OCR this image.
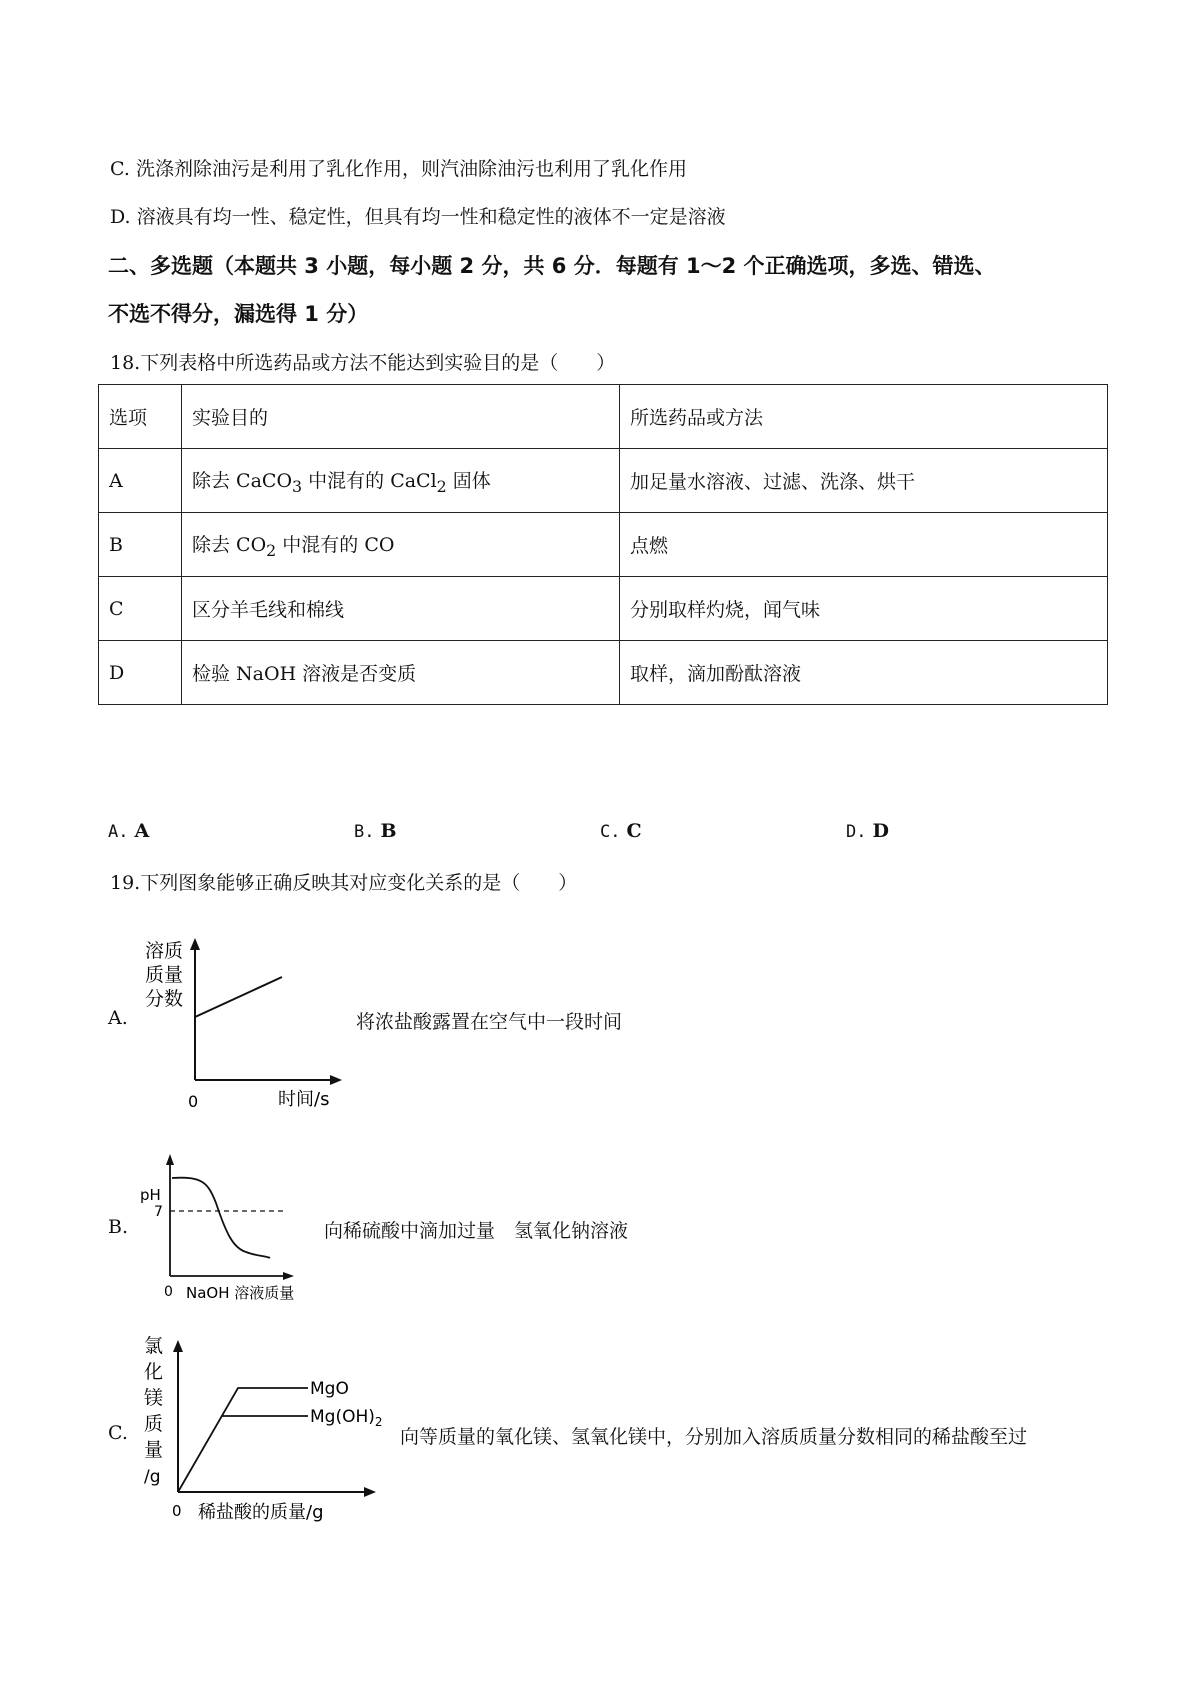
C. 洗涤剂除油污是利用了乳化作用，则汽油除油污也利用了乳化作用
D. 溶液具有均一性、稳定性，但具有均一性和稳定性的液体不一定是溶液
二、多选题（本题共 3 小题，每小题 2 分，共 6 分．每题有 1～2 个正确选项，多选、错选、
不选不得分，漏选得 1 分）
18.下列表格中所选药品或方法不能达到实验目的是（　　）
选项	实验目的	所选药品或方法
A	除去 CaCO$_3$ 中混有的 CaCl$_2$ 固体	加足量水溶液、过滤、洗涤、烘干
B	除去 $CO_2$ 中混有的 CO	点燃
C	区分羊毛线和棉线	分别取样灼烧，闻气味
D	检验 NaOH 溶液是否变质	取样，滴加酚酞溶液
A. A	B. B	C. C	D. D
19.下列图象能够正确反映其对应变化关系的是（　　）
A.
溶质
质量
分数
0	时间/s
将浓盐酸露置在空气中一段时间
B.
pH
7
0 NaOH 溶液质量
向稀硫酸中滴加过量　氢氧化钠溶液
C.
氯
化
镁
质
量
/g
MgO
$Mg(OH)_2$
0 稀盐酸的质量/g
向等质量的氧化镁、氢氧化镁中，分别加入溶质质量分数相同的稀盐酸至过
